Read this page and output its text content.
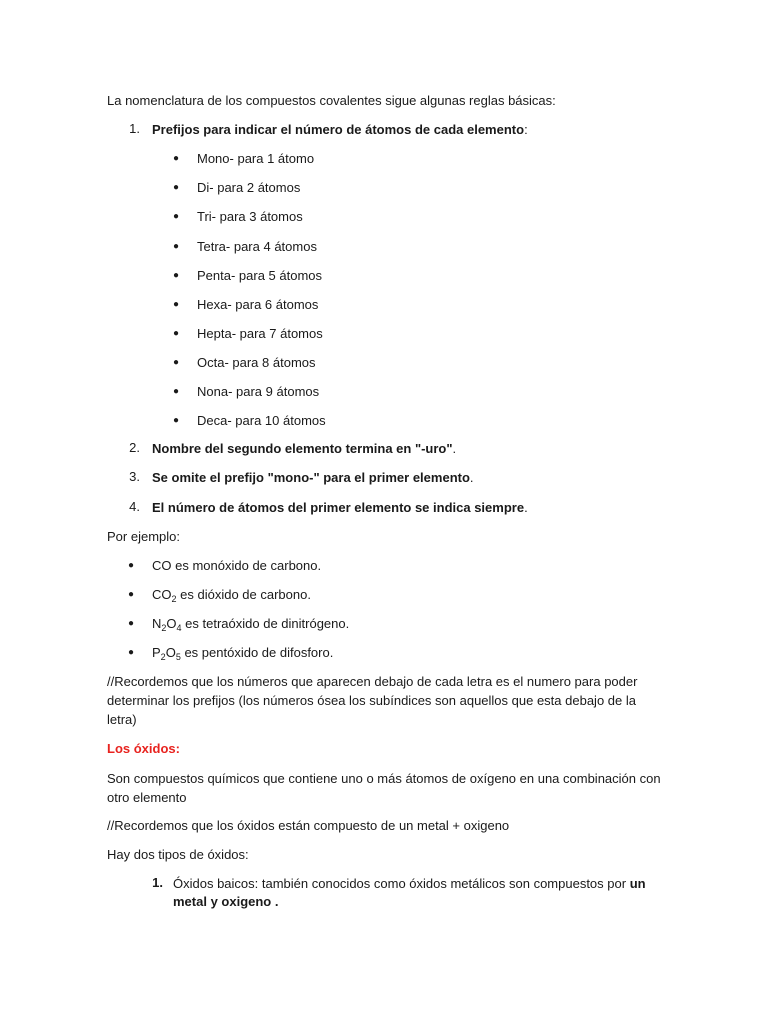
La nomenclatura de los compuestos covalentes sigue algunas reglas básicas:
1. Prefijos para indicar el número de átomos de cada elemento:
● Mono- para 1 átomo
● Di- para 2 átomos
● Tri- para 3 átomos
● Tetra- para 4 átomos
● Penta- para 5 átomos
● Hexa- para 6 átomos
● Hepta- para 7 átomos
● Octa- para 8 átomos
● Nona- para 9 átomos
● Deca- para 10 átomos
2. Nombre del segundo elemento termina en "-uro".
3. Se omite el prefijo "mono-" para el primer elemento.
4. El número de átomos del primer elemento se indica siempre.
Por ejemplo:
● CO es monóxido de carbono.
● $CO_2$ es dióxido de carbono.
● $N_2O_4$ es tetraóxido de dinitrógeno.
● $P_2O_5$ es pentóxido de difosforo.
//Recordemos que los números que aparecen debajo de cada letra es el numero para poder determinar los prefijos (los números ósea los subíndices son aquellos que esta debajo de la letra)
Los óxidos:
Son compuestos químicos que contiene uno o más átomos de oxígeno en una combinación con otro elemento
//Recordemos que los óxidos están compuesto de un metal + oxigeno
Hay dos tipos de óxidos:
1. Óxidos baicos: también conocidos como óxidos metálicos son compuestos por un metal y oxigeno .
